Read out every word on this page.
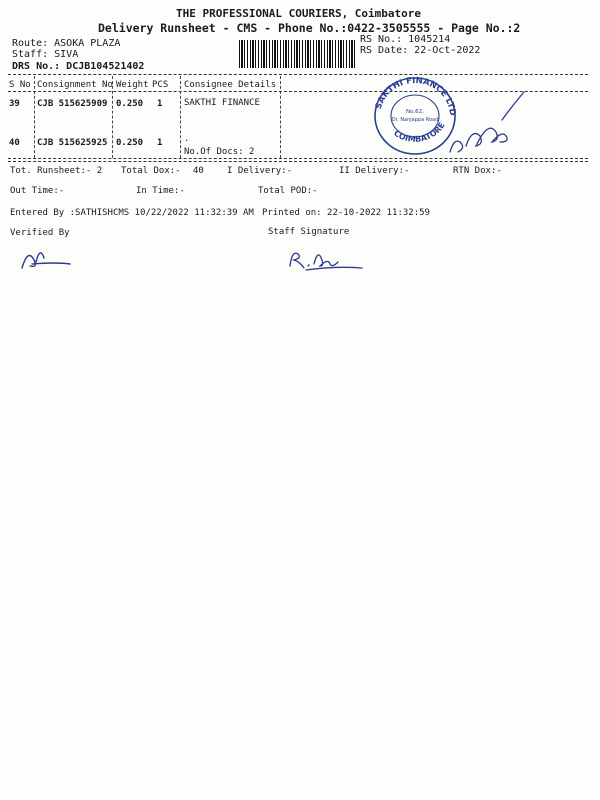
THE PROFESSIONAL COURIERS, Coimbatore
Delivery Runsheet - CMS - Phone No.:0422-3505555 - Page No.:2
Route: ASOKA PLAZA
Staff: SIVA
DRS No.: DCJB104521402
RS No.: 1045214
RS Date: 22-Oct-2022
S No Consignment No Weight PCS Consignee Details
39 CJB 515625909 0.250 1 SAKTHI FINANCE
40 CJB 515625925 0.250 1 .
No.Of Docs: 2
SAKTHI FINANCE LTD
COIMBATORE
No.62,
Dr. Nanjappa Road
Tot. Runsheet:- 2 Total Dox:- 40	I Delivery:-	II Delivery:-	RTN Dox:-
Out Time:-	In Time:-	Total POD:-
Entered By :SATHISHCMS 10/22/2022 11:32:39 AM Printed on: 22-10-2022 11:32:59
Verified By	Staff Signature
